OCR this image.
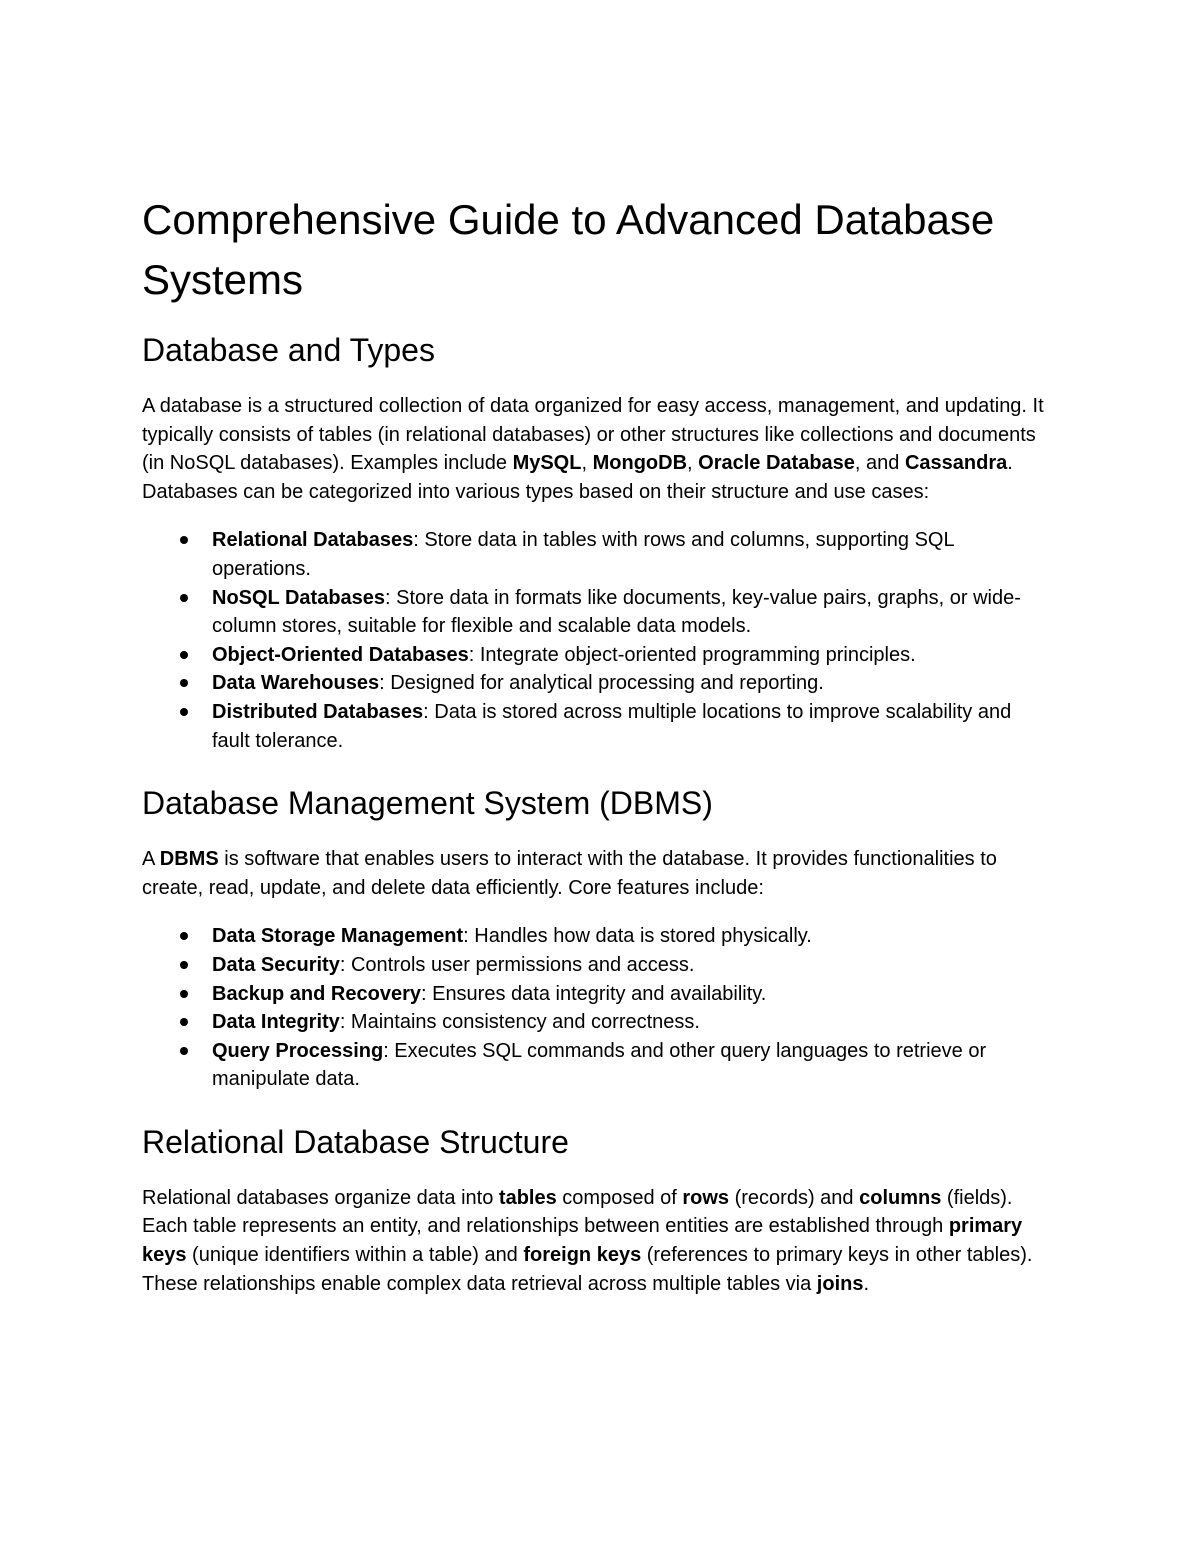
Comprehensive Guide to Advanced Database Systems
Database and Types

A database is a structured collection of data organized for easy access, management, and updating. It typically consists of tables (in relational databases) or other structures like collections and documents (in NoSQL databases). Examples include MySQL, MongoDB, Oracle Database, and Cassandra. Databases can be categorized into various types based on their structure and use cases:

Relational Databases: Store data in tables with rows and columns, supporting SQL operations.
NoSQL Databases: Store data in formats like documents, key-value pairs, graphs, or wide-column stores, suitable for flexible and scalable data models.
Object-Oriented Databases: Integrate object-oriented programming principles.
Data Warehouses: Designed for analytical processing and reporting.
Distributed Databases: Data is stored across multiple locations to improve scalability and fault tolerance.
Database Management System (DBMS)

A DBMS is software that enables users to interact with the database. It provides functionalities to create, read, update, and delete data efficiently. Core features include:

Data Storage Management: Handles how data is stored physically.
Data Security: Controls user permissions and access.
Backup and Recovery: Ensures data integrity and availability.
Data Integrity: Maintains consistency and correctness.
Query Processing: Executes SQL commands and other query languages to retrieve or manipulate data.
Relational Database Structure

Relational databases organize data into tables composed of rows (records) and columns (fields). Each table represents an entity, and relationships between entities are established through primary keys (unique identifiers within a table) and foreign keys (references to primary keys in other tables). These relationships enable complex data retrieval across multiple tables via joins.
